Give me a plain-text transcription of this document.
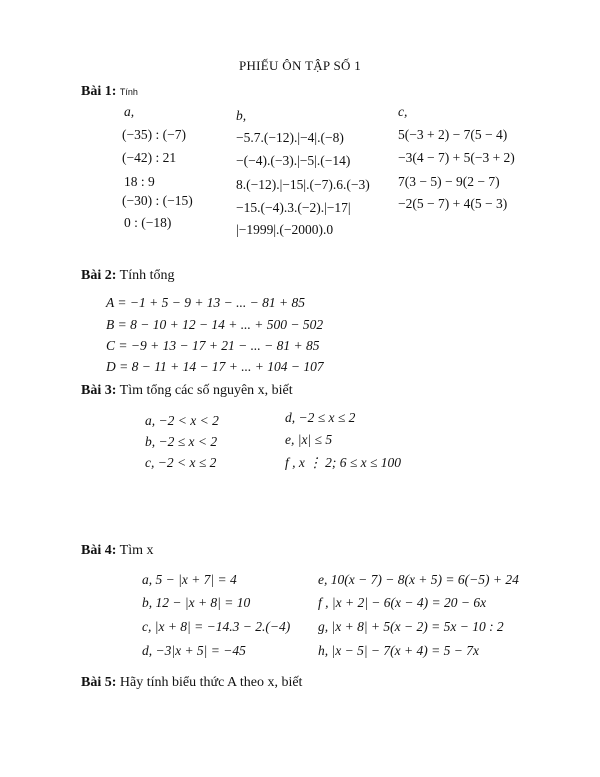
PHIẾU ÔN TẬP SỐ 1
Bài 1: Tính
a,
(−35) : (−7)
(−42) : 21
18 : 9
(−30) : (−15)
0 : (−18)
b,
−5.7.(−12).|−4|.(−8)
−(−4).(−3).|−5|.(−14)
8.(−12).|−15|.(−7).6.(−3)
−15.(−4).3.(−2).|−17|
|−1999|.(−2000).0
c,
5(−3 + 2) − 7(5 − 4)
−3(4 − 7) + 5(−3 + 2)
7(3 − 5) − 9(2 − 7)
−2(5 − 7) + 4(5 − 3)
Bài 2: Tính tổng
A = −1 + 5 − 9 + 13 − ... − 81 + 85
B = 8 − 10 + 12 − 14 + ... + 500 − 502
C = −9 + 13 − 17 + 21 − ... − 81 + 85
D = 8 − 11 + 14 − 17 + ... + 104 − 107
Bài 3: Tìm tổng các số nguyên x, biết
a, −2 < x < 2
b, −2 ≤ x < 2
c, −2 < x ≤ 2
d, −2 ≤ x ≤ 2
e, |x| ≤ 5
f , x ⋮ 2; 6 ≤ x ≤ 100
Bài 4: Tìm x
a, 5 − |x + 7| = 4
b, 12 − |x + 8| = 10
c, |x + 8| = −14.3 − 2.(−4)
d, −3|x + 5| = −45
e, 10(x − 7) − 8(x + 5) = 6(−5) + 24
f , |x + 2| − 6(x − 4) = 20 − 6x
g, |x + 8| + 5(x − 2) = 5x − 10 : 2
h, |x − 5| − 7(x + 4) = 5 − 7x
Bài 5: Hãy tính biểu thức A theo x, biết
